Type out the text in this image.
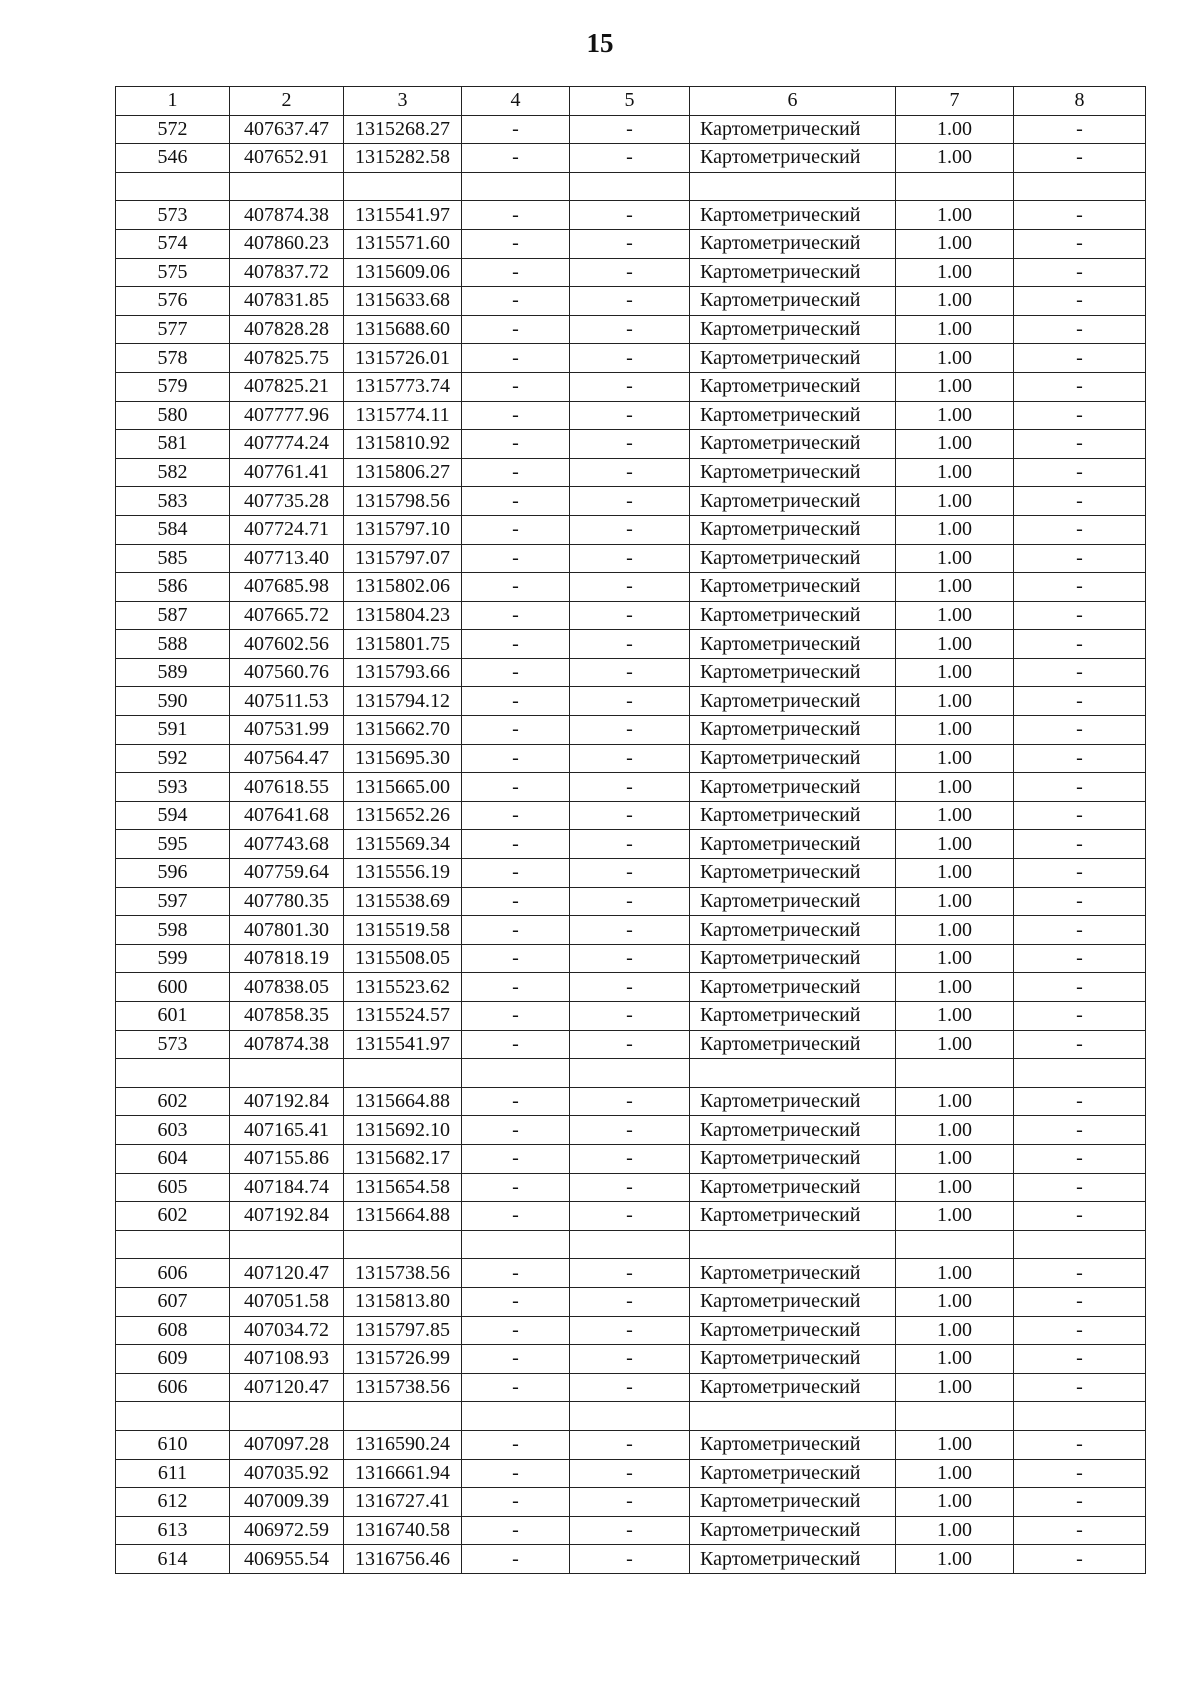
15
1	2	3	4	5	6	7	8
572	407637.47	1315268.27	-	-	Картометрический	1.00	-
546	407652.91	1315282.58	-	-	Картометрический	1.00	-

573	407874.38	1315541.97	-	-	Картометрический	1.00	-
574	407860.23	1315571.60	-	-	Картометрический	1.00	-
575	407837.72	1315609.06	-	-	Картометрический	1.00	-
576	407831.85	1315633.68	-	-	Картометрический	1.00	-
577	407828.28	1315688.60	-	-	Картометрический	1.00	-
578	407825.75	1315726.01	-	-	Картометрический	1.00	-
579	407825.21	1315773.74	-	-	Картометрический	1.00	-
580	407777.96	1315774.11	-	-	Картометрический	1.00	-
581	407774.24	1315810.92	-	-	Картометрический	1.00	-
582	407761.41	1315806.27	-	-	Картометрический	1.00	-
583	407735.28	1315798.56	-	-	Картометрический	1.00	-
584	407724.71	1315797.10	-	-	Картометрический	1.00	-
585	407713.40	1315797.07	-	-	Картометрический	1.00	-
586	407685.98	1315802.06	-	-	Картометрический	1.00	-
587	407665.72	1315804.23	-	-	Картометрический	1.00	-
588	407602.56	1315801.75	-	-	Картометрический	1.00	-
589	407560.76	1315793.66	-	-	Картометрический	1.00	-
590	407511.53	1315794.12	-	-	Картометрический	1.00	-
591	407531.99	1315662.70	-	-	Картометрический	1.00	-
592	407564.47	1315695.30	-	-	Картометрический	1.00	-
593	407618.55	1315665.00	-	-	Картометрический	1.00	-
594	407641.68	1315652.26	-	-	Картометрический	1.00	-
595	407743.68	1315569.34	-	-	Картометрический	1.00	-
596	407759.64	1315556.19	-	-	Картометрический	1.00	-
597	407780.35	1315538.69	-	-	Картометрический	1.00	-
598	407801.30	1315519.58	-	-	Картометрический	1.00	-
599	407818.19	1315508.05	-	-	Картометрический	1.00	-
600	407838.05	1315523.62	-	-	Картометрический	1.00	-
601	407858.35	1315524.57	-	-	Картометрический	1.00	-
573	407874.38	1315541.97	-	-	Картометрический	1.00	-

602	407192.84	1315664.88	-	-	Картометрический	1.00	-
603	407165.41	1315692.10	-	-	Картометрический	1.00	-
604	407155.86	1315682.17	-	-	Картометрический	1.00	-
605	407184.74	1315654.58	-	-	Картометрический	1.00	-
602	407192.84	1315664.88	-	-	Картометрический	1.00	-

606	407120.47	1315738.56	-	-	Картометрический	1.00	-
607	407051.58	1315813.80	-	-	Картометрический	1.00	-
608	407034.72	1315797.85	-	-	Картометрический	1.00	-
609	407108.93	1315726.99	-	-	Картометрический	1.00	-
606	407120.47	1315738.56	-	-	Картометрический	1.00	-

610	407097.28	1316590.24	-	-	Картометрический	1.00	-
611	407035.92	1316661.94	-	-	Картометрический	1.00	-
612	407009.39	1316727.41	-	-	Картометрический	1.00	-
613	406972.59	1316740.58	-	-	Картометрический	1.00	-
614	406955.54	1316756.46	-	-	Картометрический	1.00	-
